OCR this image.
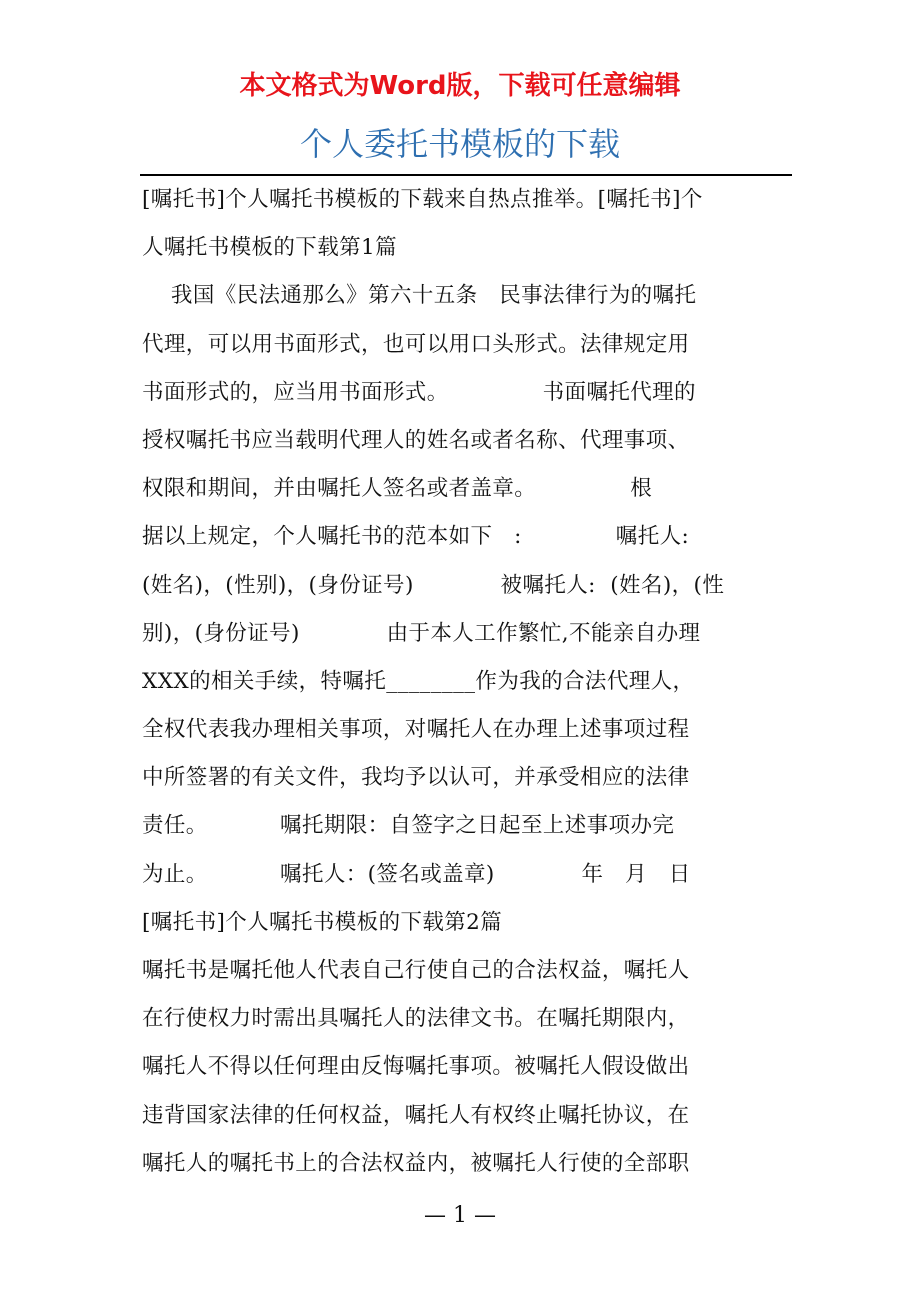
本文格式为Word版，下载可任意编辑
个人委托书模板的下载
[嘱托书]个人嘱托书模板的下载来自热点推举。[嘱托书]个
人嘱托书模板的下载第1篇
我国《民法通那么》第六十五条   民事法律行为的嘱托
代理，可以用书面形式，也可以用口头形式。法律规定用
书面形式的，应当用书面形式。             书面嘱托代理的
授权嘱托书应当载明代理人的姓名或者名称、代理事项、
权限和期间，并由嘱托人签名或者盖章。             根
据以上规定，个人嘱托书的范本如下   :             嘱托人:
(姓名)，(性别)，(身份证号)            被嘱托人:  (姓名)，(性
别)，(身份证号)            由于本人工作繁忙,不能亲自办理
XXX的相关手续，特嘱托________作为我的合法代理人，
全权代表我办理相关事项，对嘱托人在办理上述事项过程
中所签署的有关文件，我均予以认可，并承受相应的法律
责任。          嘱托期限：自签字之日起至上述事项办完
为止。          嘱托人：(签名或盖章)            年   月   日
[嘱托书]个人嘱托书模板的下载第2篇
嘱托书是嘱托他人代表自己行使自己的合法权益，嘱托人
在行使权力时需出具嘱托人的法律文书。在嘱托期限内，
嘱托人不得以任何理由反悔嘱托事项。被嘱托人假设做出
违背国家法律的任何权益，嘱托人有权终止嘱托协议，在
嘱托人的嘱托书上的合法权益内，被嘱托人行使的全部职
— 1 —
